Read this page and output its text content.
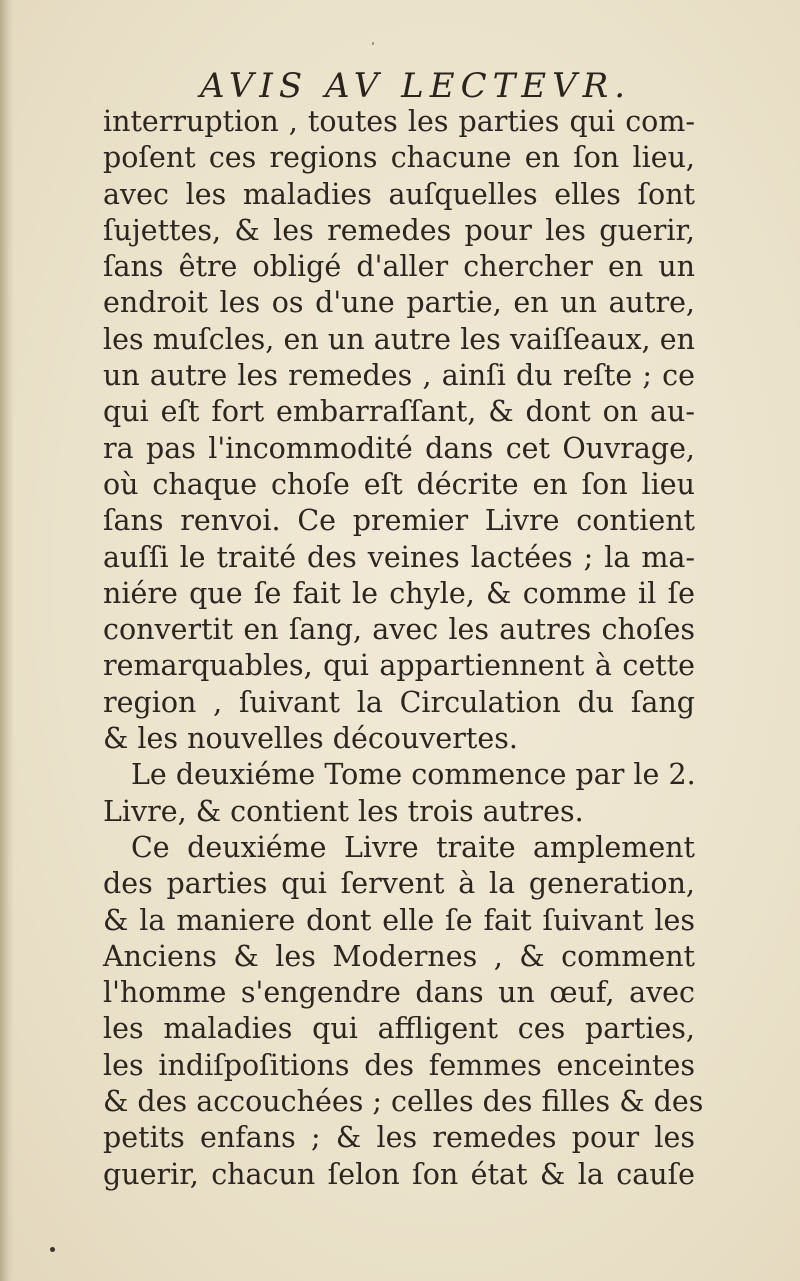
AVIS AV LECTEVR.
interruption , toutes les parties qui com-
poſent ces regions chacune en ſon lieu,
avec les maladies auſquelles elles ſont
ſujettes, & les remedes pour les guerir,
ſans être obligé d'aller chercher en un
endroit les os d'une partie, en un autre,
les muſcles, en un autre les vaiſſeaux, en
un autre les remedes , ainſi du reſte ; ce
qui eſt fort embarraſſant, & dont on au-
ra pas l'incommodité dans cet Ouvrage,
où chaque choſe eſt décrite en ſon lieu
ſans renvoi. Ce premier Livre contient
auſſi le traité des veines lactées ; la ma-
niére que ſe fait le chyle, & comme il ſe
convertit en ſang, avec les autres choſes
remarquables, qui appartiennent à cette
region , ſuivant la Circulation du ſang
& les nouvelles découvertes.
Le deuxiéme Tome commence par le 2.
Livre, & contient les trois autres.
Ce deuxiéme Livre traite amplement
des parties qui ſervent à la generation,
& la maniere dont elle ſe fait ſuivant les
Anciens & les Modernes , & comment
l'homme s'engendre dans un œuf, avec
les maladies qui affligent ces parties,
les indiſpoſitions des femmes enceintes
& des accouchées ; celles des filles & des
petits enfans ; & les remedes pour les
guerir, chacun ſelon ſon état & la cauſe
